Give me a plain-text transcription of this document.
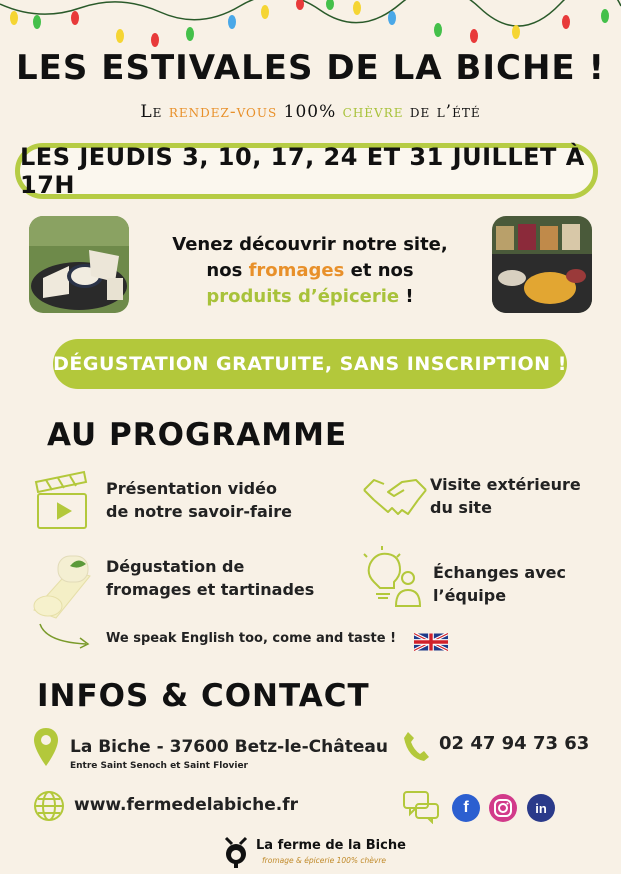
LES ESTIVALES DE LA BICHE !
Le rendez-vous 100% chèvre de l’été
LES JEUDIS 3, 10, 17, 24 ET 31 JUILLET À 17H
Venez découvrir notre site,
nos fromages et nos
produits d’épicerie !
DÉGUSTATION GRATUITE, SANS INSCRIPTION !
AU PROGRAMME
Présentation vidéo
de notre savoir-faire
Visite extérieure
du site
Dégustation de
fromages et tartinades
Échanges avec
l’équipe
We speak English too, come and taste !
INFOS & CONTACT
La Biche - 37600 Betz-le-Château
Entre Saint Senoch et Saint Flovier
02 47 94 73 63
www.fermedelabiche.fr	f	in
La ferme de la Biche
fromage & épicerie 100% chèvre
